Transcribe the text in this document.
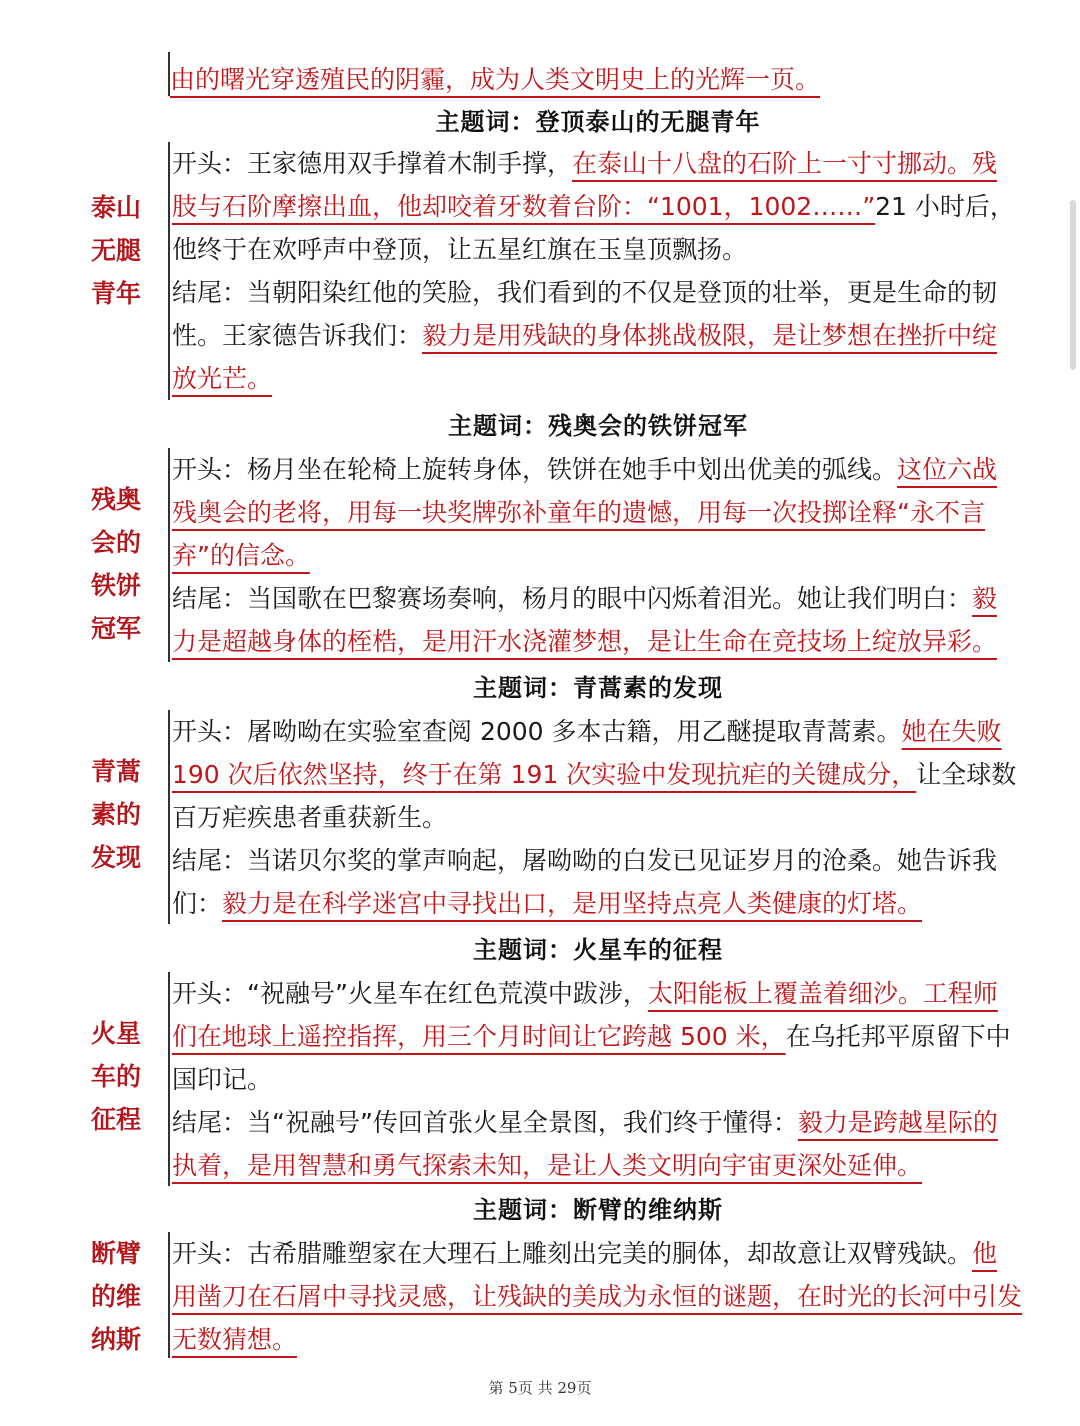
由的曙光穿透殖民的阴霾，成为人类文明史上的光辉一页。
主题词：登顶泰山的无腿青年
泰山
无腿
青年
开头：王家德用双手撑着木制手撑，在泰山十八盘的石阶上一寸寸挪动。残肢与石阶摩擦出血，他却咬着牙数着台阶：“1001，1002……”21 小时后，他终于在欢呼声中登顶，让五星红旗在玉皇顶飘扬。
结尾：当朝阳染红他的笑脸，我们看到的不仅是登顶的壮举，更是生命的韧性。王家德告诉我们：毅力是用残缺的身体挑战极限，是让梦想在挫折中绽放光芒。
主题词：残奥会的铁饼冠军
残奥
会的
铁饼
冠军
开头：杨月坐在轮椅上旋转身体，铁饼在她手中划出优美的弧线。这位六战残奥会的老将，用每一块奖牌弥补童年的遗憾，用每一次投掷诠释“永不言弃”的信念。
结尾：当国歌在巴黎赛场奏响，杨月的眼中闪烁着泪光。她让我们明白：毅力是超越身体的桎梏，是用汗水浇灌梦想，是让生命在竞技场上绽放异彩。
主题词：青蒿素的发现
青蒿
素的
发现
开头：屠呦呦在实验室查阅 2000 多本古籍，用乙醚提取青蒿素。她在失败 190 次后依然坚持，终于在第 191 次实验中发现抗疟的关键成分，让全球数百万疟疾患者重获新生。
结尾：当诺贝尔奖的掌声响起，屠呦呦的白发已见证岁月的沧桑。她告诉我们：毅力是在科学迷宫中寻找出口，是用坚持点亮人类健康的灯塔。
主题词：火星车的征程
火星
车的
征程
开头：“祝融号”火星车在红色荒漠中跋涉，太阳能板上覆盖着细沙。工程师们在地球上遥控指挥，用三个月时间让它跨越 500 米，在乌托邦平原留下中国印记。
结尾：当“祝融号”传回首张火星全景图，我们终于懂得：毅力是跨越星际的执着，是用智慧和勇气探索未知，是让人类文明向宇宙更深处延伸。
主题词：断臂的维纳斯
断臂
的维
纳斯
开头：古希腊雕塑家在大理石上雕刻出完美的胴体，却故意让双臂残缺。他用凿刀在石屑中寻找灵感，让残缺的美成为永恒的谜题，在时光的长河中引发无数猜想。
第 5页 共 29页
